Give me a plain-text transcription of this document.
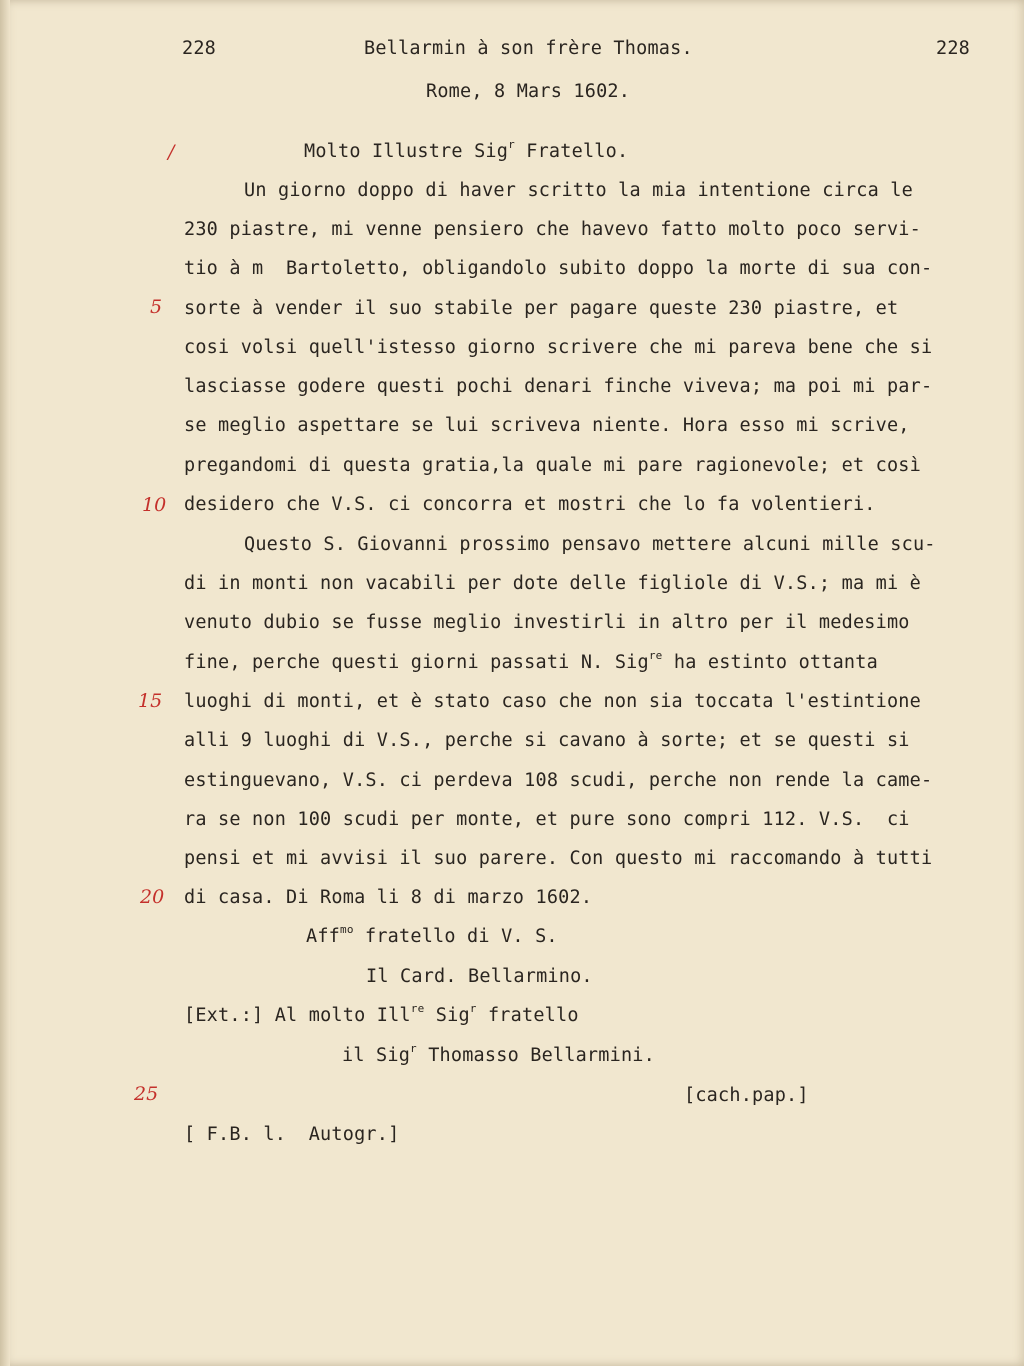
228	Bellarmin à son frère Thomas.	228
Rome, 8 Mars 1602.
Molto Illustre Sig$^r$ Fratello.
Un giorno doppo di haver scritto la mia intentione circa le
230 piastre, mi venne pensiero che havevo fatto molto poco servi-
tio à m  Bartoletto, obligandolo subito doppo la morte di sua con-
sorte à vender il suo stabile per pagare queste 230 piastre, et
cosi volsi quell'istesso giorno scrivere che mi pareva bene che si
lasciasse godere questi pochi denari finche viveva; ma poi mi par-
se meglio aspettare se lui scriveva niente. Hora esso mi scrive,
pregandomi di questa gratia,la quale mi pare ragionevole; et così
desidero che V.S. ci concorra et mostri che lo fa volentieri.
Questo S. Giovanni prossimo pensavo mettere alcuni mille scu-
di in monti non vacabili per dote delle figliole di V.S.; ma mi è
venuto dubio se fusse meglio investirli in altro per il medesimo
fine, perche questi giorni passati N. Sig$^{re}$ ha estinto ottanta
luoghi di monti, et è stato caso che non sia toccata l'estintione
alli 9 luoghi di V.S., perche si cavano à sorte; et se questi si
estinguevano, V.S. ci perdeva 108 scudi, perche non rende la came-
ra se non 100 scudi per monte, et pure sono compri 112. V.S.  ci
pensi et mi avvisi il suo parere. Con questo mi raccomando à tutti
di casa. Di Roma li 8 di marzo 1602.
Aff$^{mo}$ fratello di V. S.
Il Card. Bellarmino.
[Ext.:] Al molto Ill$^{re}$ Sig$^r$ fratello
il Sig$^r$ Thomasso Bellarmini.
[cach.pap.]
[ F.B. l.  Autogr.]
/
5
10
15
20
25
